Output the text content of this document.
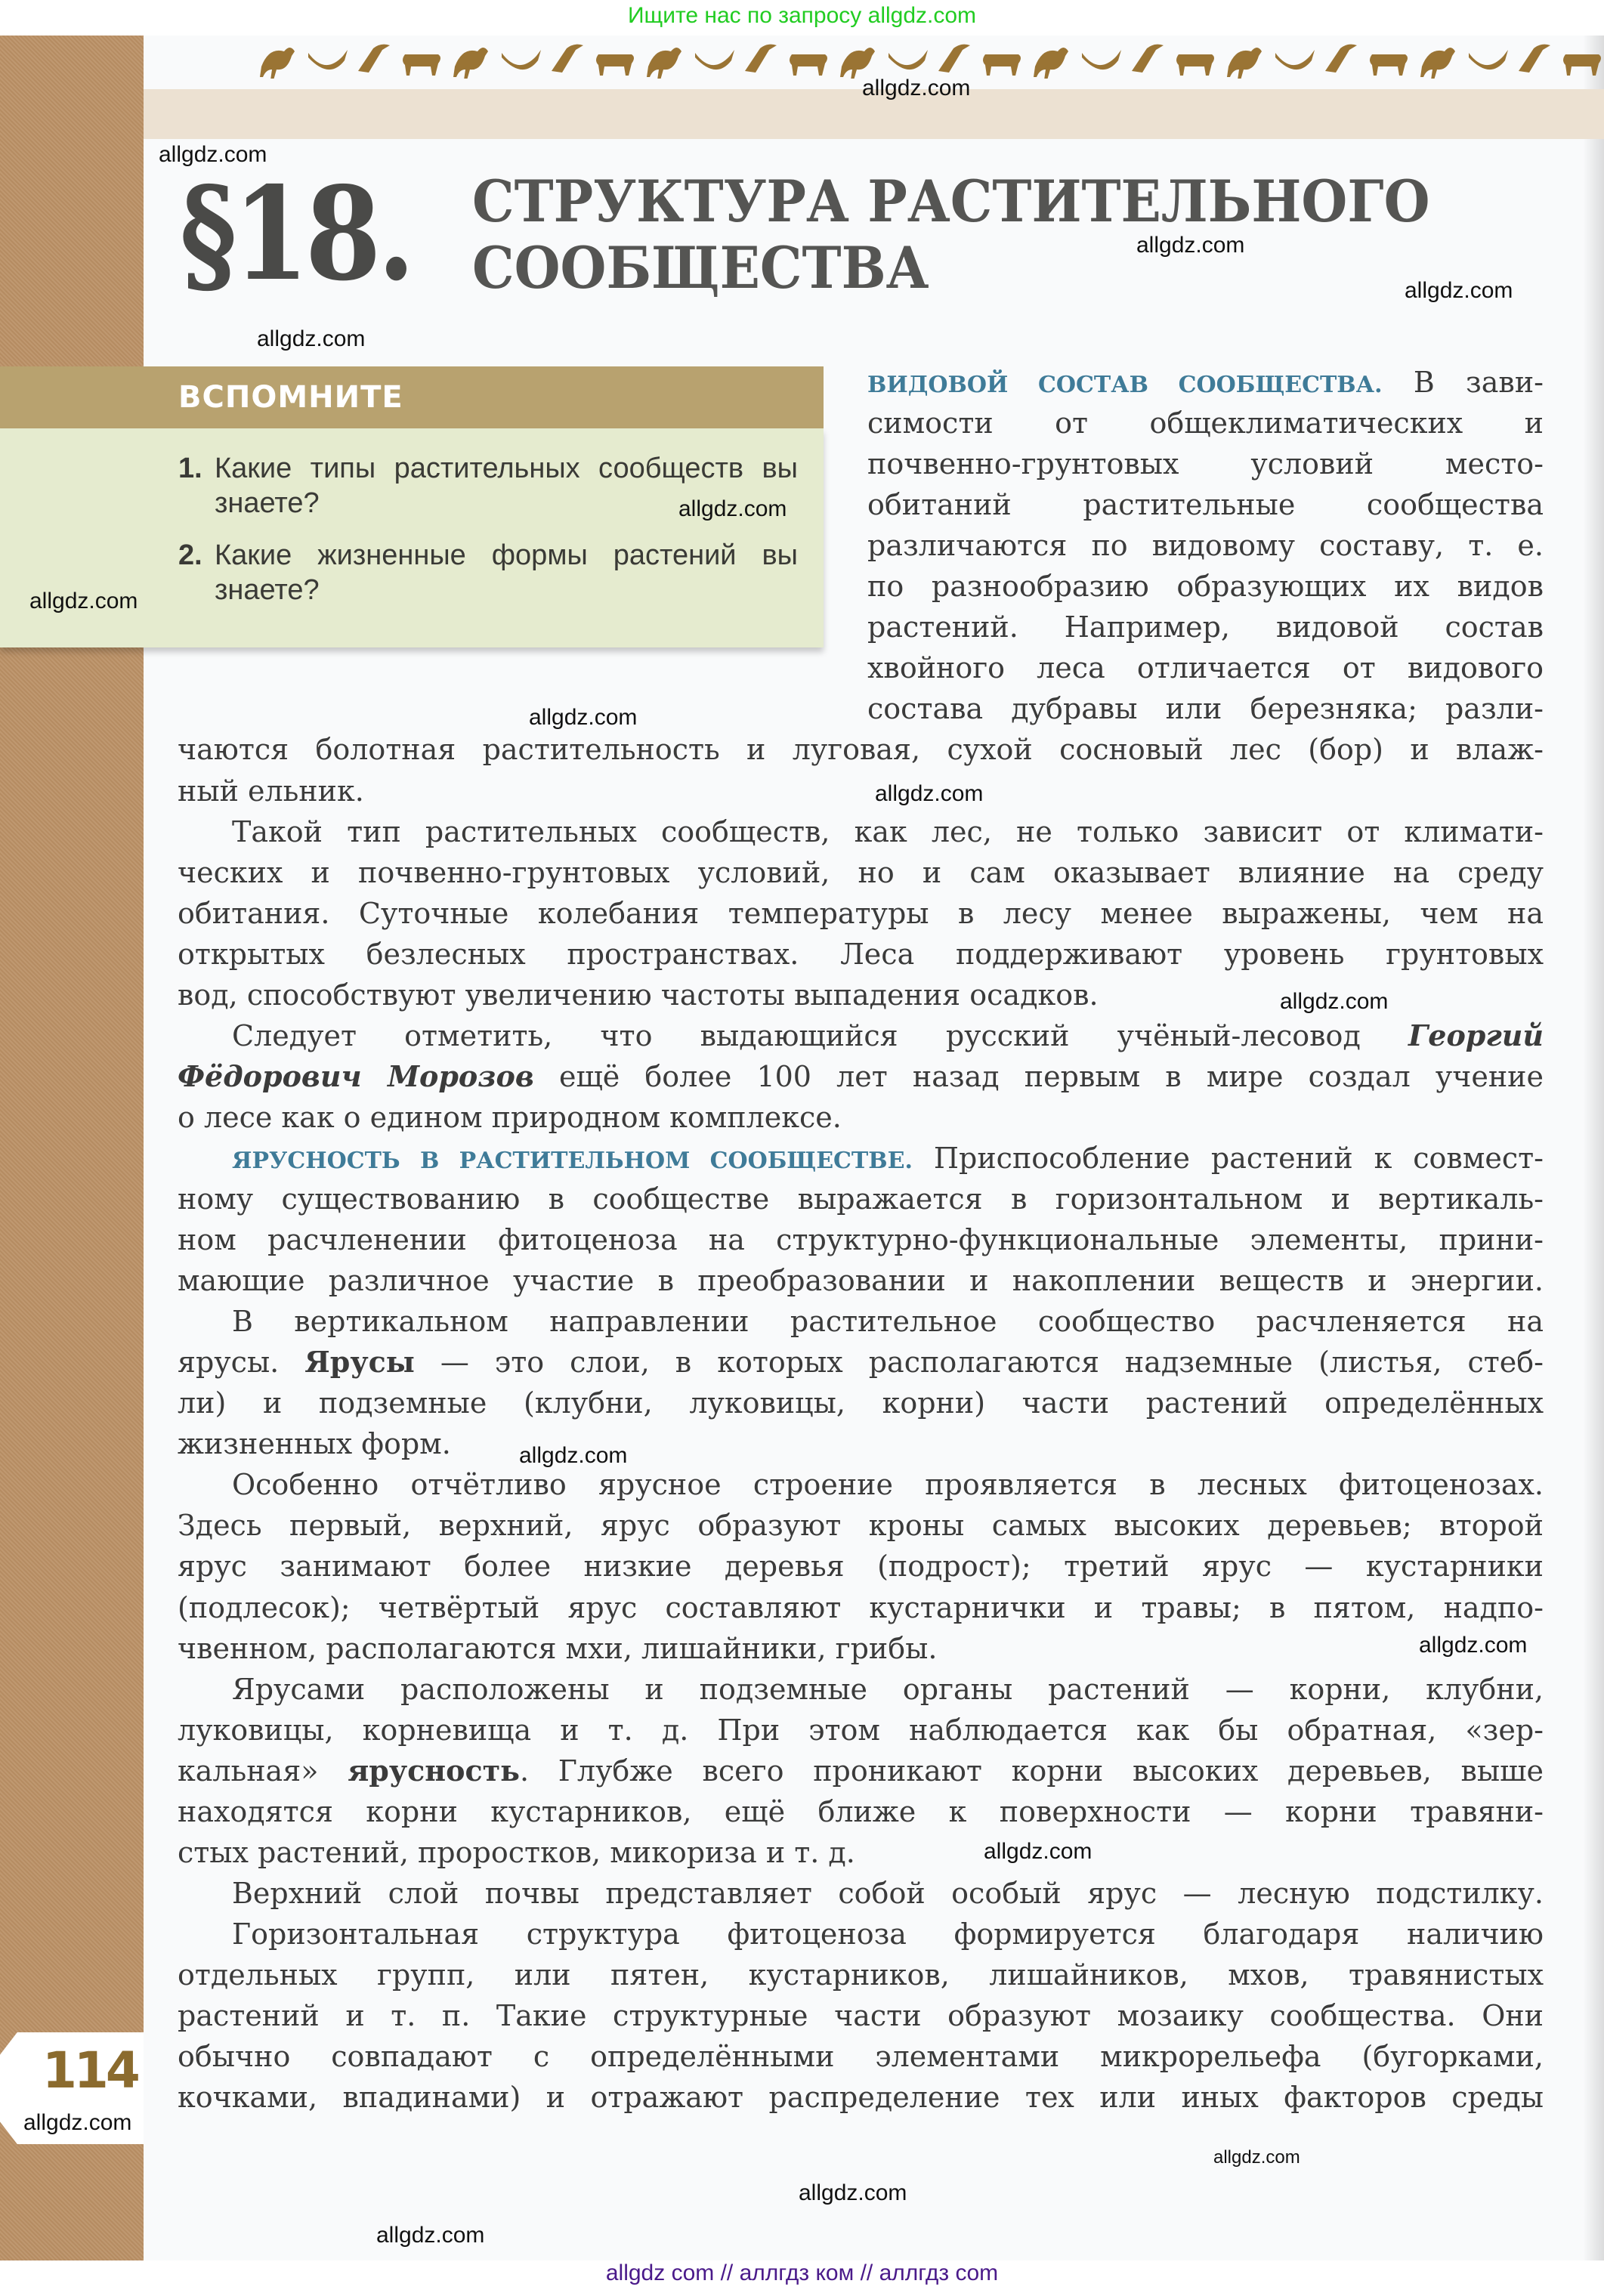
Ищите нас по запросу allgdz.com
§18. СТРУКТУРА РАСТИТЕЛЬНОГО
СООБЩЕСТВА
ВСПОМНИТЕ
1. Какие типы растительных сообществ вы знаете?
2. Какие жизненные формы растений вы знаете?
ВИДОВОЙ СОСТАВ СООБЩЕСТВА. В зави-
симости от общеклиматических и
почвенно-грунтовых условий место-
обитаний растительные сообщества
различаются по видовому составу, т. е.
по разнообразию образующих их видов
растений. Например, видовой состав
хвойного леса отличается от видового
состава дубравы или березняка; разли-
чаются болотная растительность и луговая, сухой сосновый лес (бор) и влаж-
ный ельник.
Такой тип растительных сообществ, как лес, не только зависит от климати-
ческих и почвенно-грунтовых условий, но и сам оказывает влияние на среду
обитания. Суточные колебания температуры в лесу менее выражены, чем на
открытых безлесных пространствах. Леса поддерживают уровень грунтовых
вод, способствуют увеличению частоты выпадения осадков.
Следует отметить, что выдающийся русский учёный-лесовод Георгий
Фёдорович Морозов ещё более 100 лет назад первым в мире создал учение
о лесе как о едином природном комплексе.
ЯРУСНОСТЬ В РАСТИТЕЛЬНОМ СООБЩЕСТВЕ. Приспособление растений к совмест-
ному существованию в сообществе выражается в горизонтальном и вертикаль-
ном расчленении фитоценоза на структурно-функциональные элементы, прини-
мающие различное участие в преобразовании и накоплении веществ и энергии.
В вертикальном направлении растительное сообщество расчленяется на
ярусы. Ярусы — это слои, в которых располагаются надземные (листья, стеб-
ли) и подземные (клубни, луковицы, корни) части растений определённых
жизненных форм.
Особенно отчётливо ярусное строение проявляется в лесных фитоценозах.
Здесь первый, верхний, ярус образуют кроны самых высоких деревьев; второй
ярус занимают более низкие деревья (подрост); третий ярус — кустарники
(подлесок); четвёртый ярус составляют кустарнички и травы; в пятом, надпо-
чвенном, располагаются мхи, лишайники, грибы.
Ярусами расположены и подземные органы растений — корни, клубни,
луковицы, корневища и т. д. При этом наблюдается как бы обратная, «зер-
кальная» ярусность. Глубже всего проникают корни высоких деревьев, выше
находятся корни кустарников, ещё ближе к поверхности — корни травяни-
стых растений, проростков, микориза и т. д.
Верхний слой почвы представляет собой особый ярус — лесную подстилку.
Горизонтальная структура фитоценоза формируется благодаря наличию
отдельных групп, или пятен, кустарников, лишайников, мхов, травянистых
растений и т. п. Такие структурные части образуют мозаику сообщества. Они
обычно совпадают с определёнными элементами микрорельефа (бугорками,
кочками, впадинами) и отражают распределение тех или иных факторов среды
114
allgdz.com
allgdz.com
allgdz.com
allgdz.com
allgdz.com
allgdz.com
allgdz.com
allgdz.com
allgdz.com
allgdz.com
allgdz.com
allgdz.com
allgdz.com
allgdz.com
allgdz.com
allgdz.com
allgdz.com
allgdz com // аллгдз ком // аллгдз com
